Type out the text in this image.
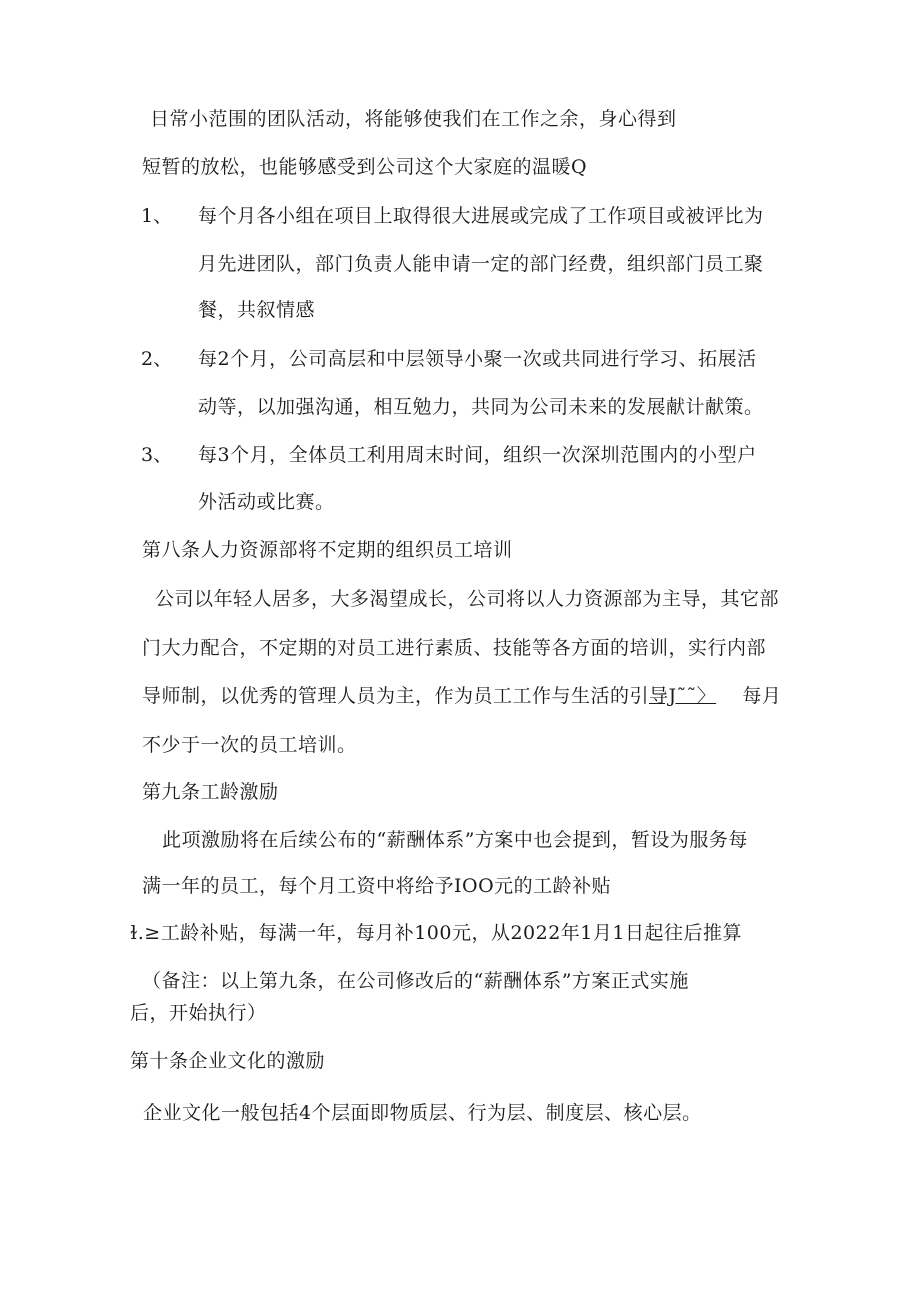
日常小范围的团队活动，将能够使我们在工作之余，身心得到
短暂的放松，也能够感受到公司这个大家庭的温暖Q
1、 每个月各小组在项目上取得很大进展或完成了工作项目或被评比为
月先进团队，部门负责人能申请一定的部门经费，组织部门员工聚
餐，共叙情感
2、 每2个月，公司高层和中层领导小聚一次或共同进行学习、拓展活
动等，以加强沟通，相互勉力，共同为公司未来的发展献计献策。
3、 每3个月，全体员工利用周末时间，组织一次深圳范围内的小型户
外活动或比赛。
第八条人力资源部将不定期的组织员工培训
公司以年轻人居多，大多渴望成长，公司将以人力资源部为主导，其它部
门大力配合，不定期的对员工进行素质、技能等各方面的培训，实行内部
导师制，以优秀的管理人员为主，作为员工工作与生活的引导J˜˜〉 每月
不少于一次的员工培训。
第九条工龄激励
此项激励将在后续公布的“薪酬体系”方案中也会提到，暂设为服务每
满一年的员工，每个月工资中将给予IOO元的工龄补贴
ɫ.≥工龄补贴，每满一年，每月补100元，从2022年1月1日起往后推算
（备注：以上第九条，在公司修改后的“薪酬体系”方案正式实施
后，开始执行）
第十条企业文化的激励
企业文化一般包括4个层面即物质层、行为层、制度层、核心层。
